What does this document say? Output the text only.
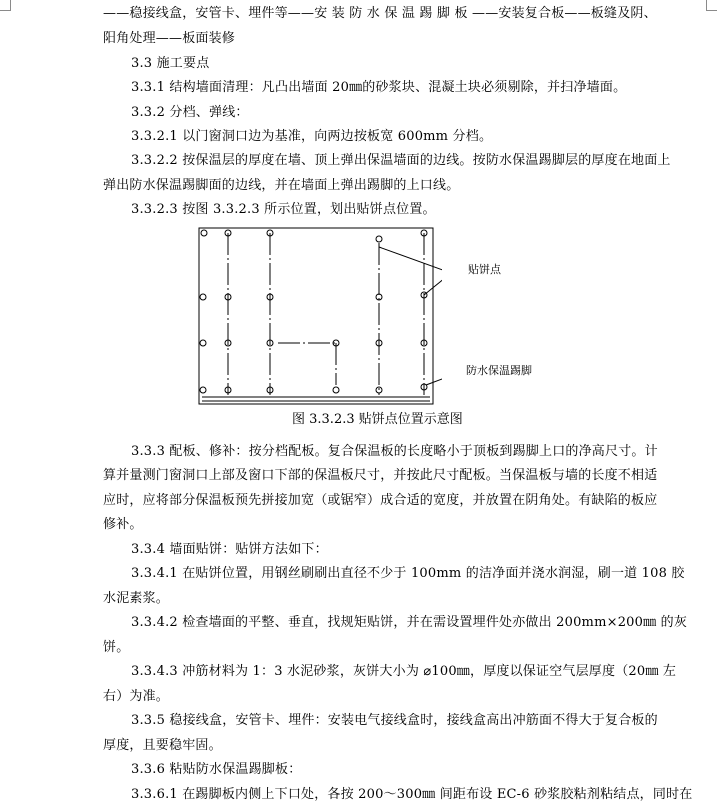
——稳接线盒，安管卡、埋件等——安 装 防 水 保 温 踢 脚 板 ——安装复合板——板缝及阴、
阳角处理——板面装修
3.3 施工要点
3.3.1 结构墙面清理：凡凸出墙面 20㎜的砂浆块、混凝土块必须剔除，并扫净墙面。
3.3.2 分档、弹线：
3.3.2.1 以门窗洞口边为基准，向两边按板宽 600mm 分档。
3.3.2.2 按保温层的厚度在墙、顶上弹出保温墙面的边线。按防水保温踢脚层的厚度在地面上
弹出防水保温踢脚面的边线，并在墙面上弹出踢脚的上口线。
3.3.2.3 按图 3.3.2.3 所示位置，划出贴饼点位置。
贴饼点
防水保温踢脚
图 3.3.2.3 贴饼点位置示意图
3.3.3 配板、修补：按分档配板。复合保温板的长度略小于顶板到踢脚上口的净高尺寸。计
算并量测门窗洞口上部及窗口下部的保温板尺寸，并按此尺寸配板。当保温板与墙的长度不相适
应时，应将部分保温板预先拼接加宽（或锯窄）成合适的宽度，并放置在阴角处。有缺陷的板应
修补。
3.3.4 墙面贴饼：贴饼方法如下：
3.3.4.1 在贴饼位置，用钢丝刷刷出直径不少于 100mm 的洁净面并浇水润湿，刷一道 108 胶
水泥素浆。
3.3.4.2 检查墙面的平整、垂直，找规矩贴饼，并在需设置埋件处亦做出 200mm×200㎜ 的灰
饼。
3.3.4.3 冲筋材料为 1：3 水泥砂浆，灰饼大小为 ⌀100㎜，厚度以保证空气层厚度（20㎜ 左
右）为准。
3.3.5 稳接线盒，安管卡、埋件：安装电气接线盒时，接线盒高出冲筋面不得大于复合板的
厚度，且要稳牢固。
3.3.6 粘贴防水保温踢脚板：
3.3.6.1 在踢脚板内侧上下口处，各按 200～300㎜ 间距布设 EC-6 砂浆胶粘剂粘结点，同时在
